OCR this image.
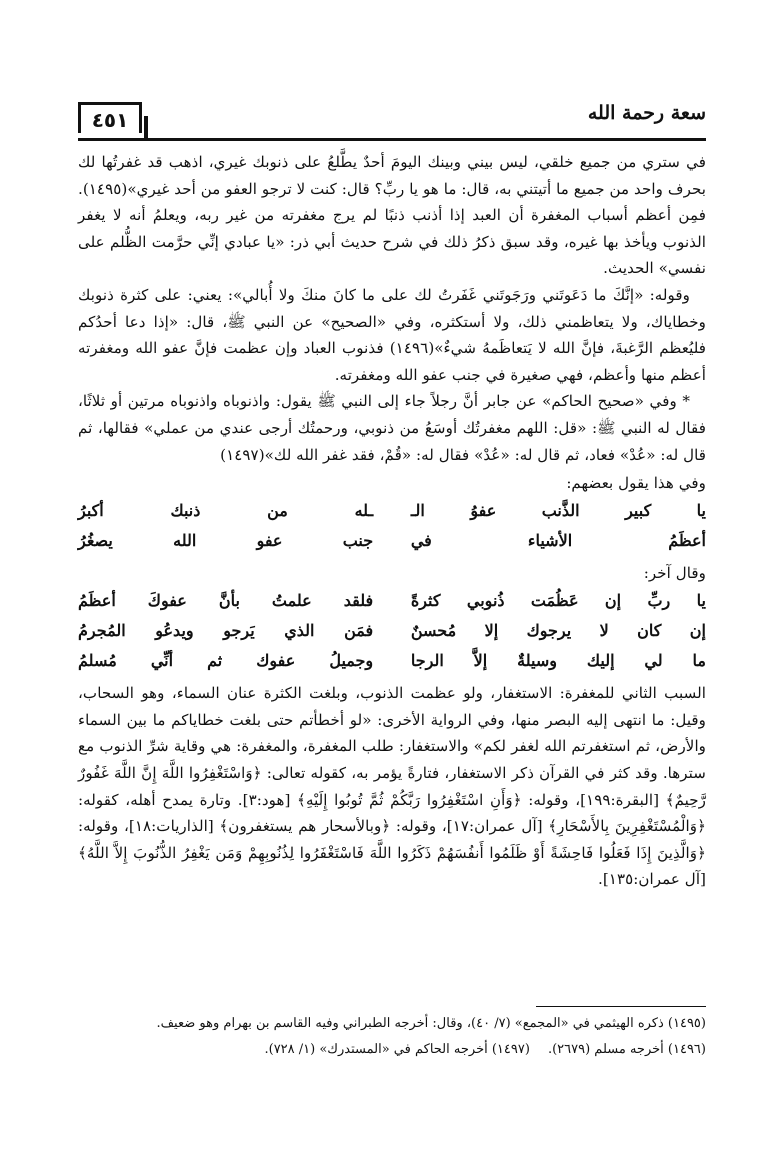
سعة رحمة الله
٤٥١

في ستري من جميع خلقي، ليس بيني وبينك اليومَ أحدٌ يطَّلعُ على ذنوبك غيري، اذهب قد غفرتُها لك بحرف واحد من جميع ما أتيتني به، قال: ما هو يا ربِّ؟ قال: كنت لا ترجو العفو من أحد غيري»(١٤٩٥). فمِن أعظم أسباب المغفرة أن العبد إذا أذنب ذنبًا لم يرج مغفرته من غير ربه، ويعلمُ أنه لا يغفر الذنوب ويأخذ بها غيره، وقد سبق ذكرُ ذلك في شرح حديث أبي ذر: «يا عبادي إنِّي حرَّمت الظُّلم على نفسي» الحديث.

وقوله: «إنَّكَ ما دَعَوتَني ورَجَوتَني غَفَرتُ لك على ما كانَ منكَ ولا أُبالي»: يعني: على كثرة ذنوبك وخطاياك، ولا يتعاظمني ذلك، ولا أستكثره، وفي «الصحيح» عن النبي ﷺ، قال: «إذا دعا أحدُكم فليُعظم الرَّغبةَ، فإنَّ الله لا يَتعاظَمهُ شيءٌ»(١٤٩٦) فذنوب العباد وإن عظمت فإنَّ عفو الله ومغفرته أعظم منها وأعظم، فهي صغيرة في جنب عفو الله ومغفرته.

* وفي «صحيح الحاكم» عن جابر أنَّ رجلاً جاء إلى النبي ﷺ يقول: واذنوباه واذنوباه مرتين أو ثلاثًا، فقال له النبي ﷺ: «قل: اللهم مغفرتُك أوسَعُ من ذنوبي، ورحمتُك أرجى عندي من عملي» فقالها، ثم قال له: «عُدْ» فعاد، ثم قال له: «عُدْ» فقال له: «قُمْ، فقد غفر الله لك»(١٤٩٧)

وفي هذا يقول بعضهم:
يا كبير الذَّنب عفوُ الـ
ـله من ذنبك أكبرُ
أعظَمُ الأشياء في
جنب عفو الله يصغُرُ
وقال آخر:
يا ربِّ إن عَظُمَت ذُنوبي كثرةً
فلقد علمتُ بأنَّ عفوكَ أعظَمُ
إن كان لا يرجوك إلا مُحسنٌ
فمَن الذي يَرجو ويدعُو المُجرمُ
ما لي إليك وسيلةٌ إلاَّ الرجا
وجميلُ عفوك ثم أنِّي مُسلمُ

السبب الثاني للمغفرة: الاستغفار، ولو عظمت الذنوب، وبلغت الكثرة عنان السماء، وهو السحاب، وقيل: ما انتهى إليه البصر منها، وفي الرواية الأخرى: «لو أخطأتم حتى بلغت خطاياكم ما بين السماء والأرض، ثم استغفرتم الله لغفر لكم» والاستغفار: طلب المغفرة، والمغفرة: هي وقاية شرِّ الذنوب مع سترها. وقد كثر في القرآن ذكر الاستغفار، فتارةً يؤمر به، كقوله تعالى: ﴿وَاسْتَغْفِرُوا اللَّهَ إِنَّ اللَّهَ غَفُورٌ رَّحِيمٌ﴾ [البقرة:١٩٩]، وقوله: ﴿وَأَنِ اسْتَغْفِرُوا رَبَّكُمْ ثُمَّ تُوبُوا إِلَيْهِ﴾ [هود:٣]. وتارة يمدح أهله، كقوله: ﴿وَالْمُسْتَغْفِرِينَ بِالأَسْحَارِ﴾ [آل عمران:١٧]، وقوله: ﴿وبالأسحار هم يستغفرون﴾ [الذاريات:١٨]، وقوله: ﴿وَالَّذِينَ إِذَا فَعَلُوا فَاحِشَةً أَوْ ظَلَمُوا أَنفُسَهُمْ ذَكَرُوا اللَّهَ فَاسْتَغْفَرُوا لِذُنُوبِهِمْ وَمَن يَغْفِرُ الذُّنُوبَ إِلاَّ اللَّهُ﴾ [آل عمران:١٣٥].

(١٤٩٥) ذكره الهيثمي في «المجمع» (٧/ ٤٠)، وقال: أخرجه الطبراني وفيه القاسم بن بهرام وهو ضعيف.
(١٤٩٦) أخرجه مسلم (٢٦٧٩).
(١٤٩٧) أخرجه الحاكم في «المستدرك» (١/ ٧٢٨).
